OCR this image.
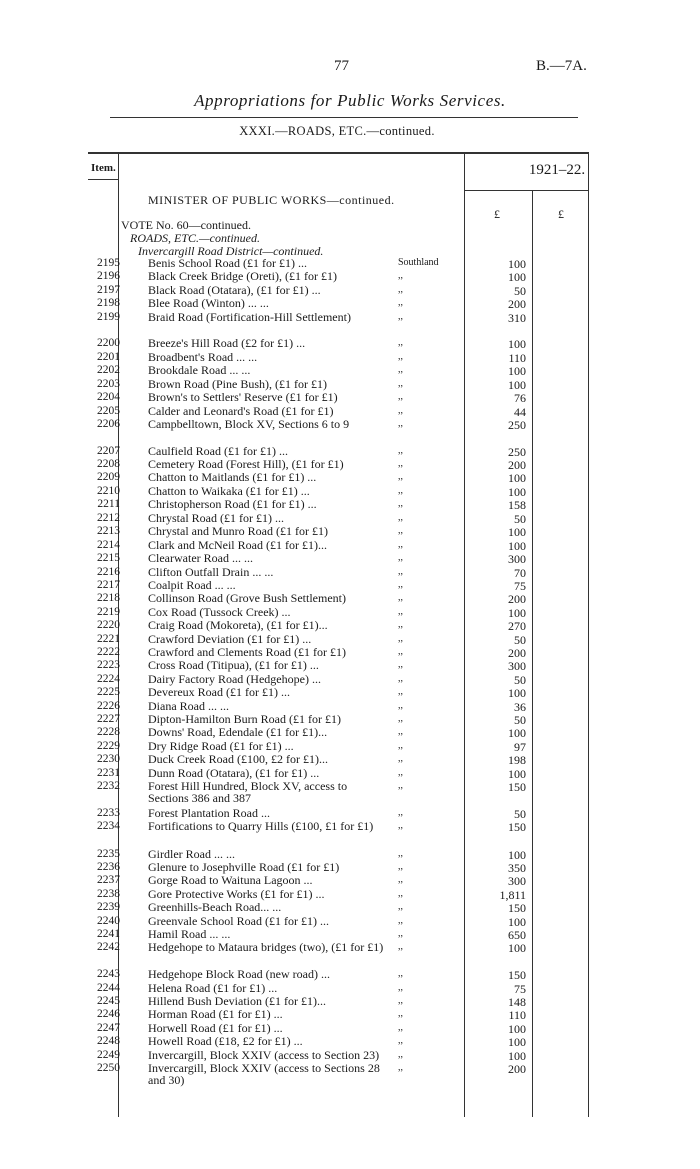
77	B.—7A.
Appropriations for Public Works Services.
XXXI.—ROADS, ETC.—continued.
Item.	1921–22.
£	£
MINISTER OF PUBLIC WORKS—continued.
VOTE No. 60—continued.
ROADS, ETC.—continued.
Invercargill Road District—continued.
2195 Benis School Road (£1 for £1) ...	Southland	100
2196 Black Creek Bridge (Oreti), (£1 for £1)	,,	100
2197 Black Road (Otatara), (£1 for £1) ...	,,	50
2198 Blee Road (Winton) ... ...	,,	200
2199 Braid Road (Fortification-Hill Settlement)	,,	310
2200 Breeze's Hill Road (£2 for £1) ...	,,	100
2201 Broadbent's Road ... ...	,,	110
2202 Brookdale Road ... ...	,,	100
2203 Brown Road (Pine Bush), (£1 for £1)	,,	100
2204 Brown's to Settlers' Reserve (£1 for £1)	,,	76
2205 Calder and Leonard's Road (£1 for £1)	,,	44
2206 Campbelltown, Block XV, Sections 6 to 9	,,	250
2207 Caulfield Road (£1 for £1) ...	,,	250
2208 Cemetery Road (Forest Hill), (£1 for £1)	,,	200
2209 Chatton to Maitlands (£1 for £1) ...	,,	100
2210 Chatton to Waikaka (£1 for £1) ...	,,	100
2211 Christopherson Road (£1 for £1) ...	,,	158
2212 Chrystal Road (£1 for £1) ...	,,	50
2213 Chrystal and Munro Road (£1 for £1)	,,	100
2214 Clark and McNeil Road (£1 for £1)...	,,	100
2215 Clearwater Road ... ...	,,	300
2216 Clifton Outfall Drain ... ...	,,	70
2217 Coalpit Road ... ...	,,	75
2218 Collinson Road (Grove Bush Settlement)	,,	200
2219 Cox Road (Tussock Creek) ...	,,	100
2220 Craig Road (Mokoreta), (£1 for £1)...	,,	270
2221 Crawford Deviation (£1 for £1) ...	,,	50
2222 Crawford and Clements Road (£1 for £1)	,,	200
2223 Cross Road (Titipua), (£1 for £1) ...	,,	300
2224 Dairy Factory Road (Hedgehope) ...	,,	50
2225 Devereux Road (£1 for £1) ...	,,	100
2226 Diana Road ... ...	,,	36
2227 Dipton-Hamilton Burn Road (£1 for £1)	,,	50
2228 Downs' Road, Edendale (£1 for £1)...	,,	100
2229 Dry Ridge Road (£1 for £1) ...	,,	97
2230 Duck Creek Road (£100, £2 for £1)...	,,	198
2231 Dunn Road (Otatara), (£1 for £1) ...	,,	100
2232 Forest Hill Hundred, Block XV, access to Sections 386 and 387
,,	150
2233 Forest Plantation Road ...	,,	50
2234 Fortifications to Quarry Hills (£100, £1 for £1)	,,	150
2235 Girdler Road ... ...	,,	100
2236 Glenure to Josephville Road (£1 for £1)	,,	350
2237 Gorge Road to Waituna Lagoon ...	,,	300
2238 Gore Protective Works (£1 for £1) ...	,,	1,811
2239 Greenhills-Beach Road... ...	,,	150
2240 Greenvale School Road (£1 for £1) ...	,,	100
2241 Hamil Road ... ...	,,	650
2242 Hedgehope to Mataura bridges (two), (£1 for £1) ,,	100
2243 Hedgehope Block Road (new road) ...	,,	150
2244 Helena Road (£1 for £1) ...	,,	75
2245 Hillend Bush Deviation (£1 for £1)...	,,	148
2246 Horman Road (£1 for £1) ...	,,	110
2247 Horwell Road (£1 for £1) ...	,,	100
2248 Howell Road (£18, £2 for £1) ...	,,	100
2249 Invercargill, Block XXIV (access to Section 23)	,,	100
2250 Invercargill, Block XXIV (access to Sections 28 and 30)
,,	200
